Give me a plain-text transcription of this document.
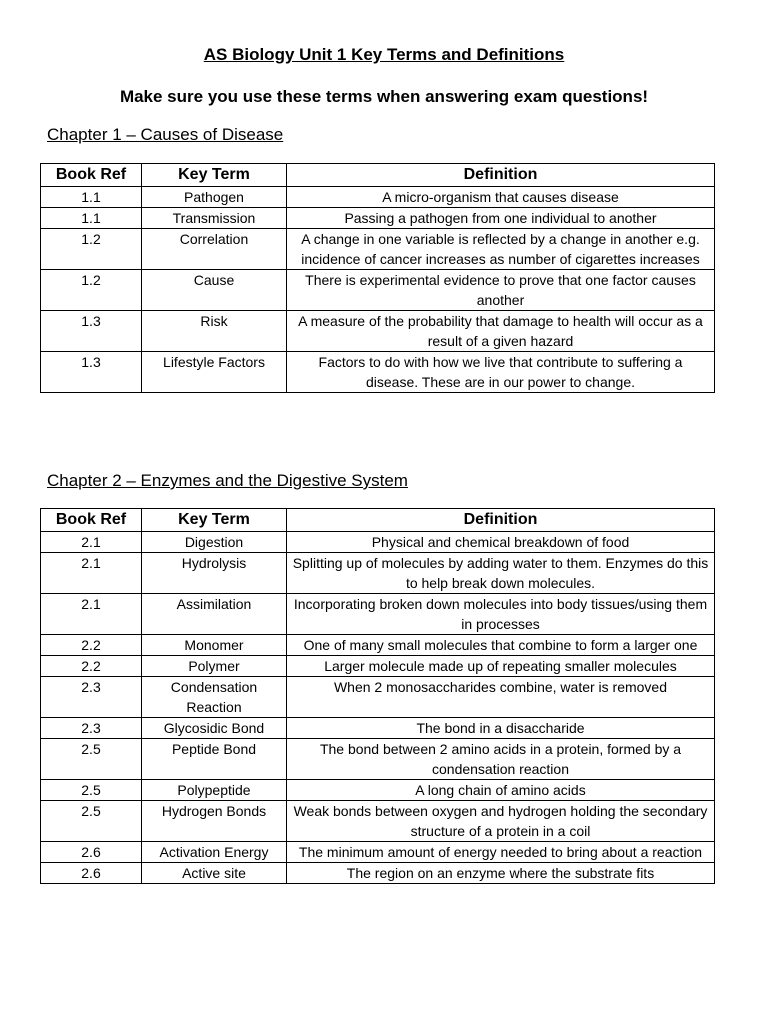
AS Biology Unit 1 Key Terms and Definitions
Make sure you use these terms when answering exam questions!
Chapter 1 – Causes of Disease
Book Ref	Key Term	Definition
1.1	Pathogen	A micro-organism that causes disease
1.1	Transmission	Passing a pathogen from one individual to another
1.2	Correlation	A change in one variable is reflected by a change in another e.g. incidence of cancer increases as number of cigarettes increases
1.2	Cause	There is experimental evidence to prove that one factor causes another
1.3	Risk	A measure of the probability that damage to health will occur as a result of a given hazard
1.3	Lifestyle Factors	Factors to do with how we live that contribute to suffering a disease. These are in our power to change.
Chapter 2 – Enzymes and the Digestive System
Book Ref	Key Term	Definition
2.1	Digestion	Physical and chemical breakdown of food
2.1	Hydrolysis	Splitting up of molecules by adding water to them. Enzymes do this to help break down molecules.
2.1	Assimilation	Incorporating broken down molecules into body tissues/using them in processes
2.2	Monomer	One of many small molecules that combine to form a larger one
2.2	Polymer	Larger molecule made up of repeating smaller molecules
2.3	Condensation Reaction	When 2 monosaccharides combine, water is removed
2.3	Glycosidic Bond	The bond in a disaccharide
2.5	Peptide Bond	The bond between 2 amino acids in a protein, formed by a condensation reaction
2.5	Polypeptide	A long chain of amino acids
2.5	Hydrogen Bonds	Weak bonds between oxygen and hydrogen holding the secondary structure of a protein in a coil
2.6	Activation Energy	The minimum amount of energy needed to bring about a reaction
2.6	Active site	The region on an enzyme where the substrate fits
